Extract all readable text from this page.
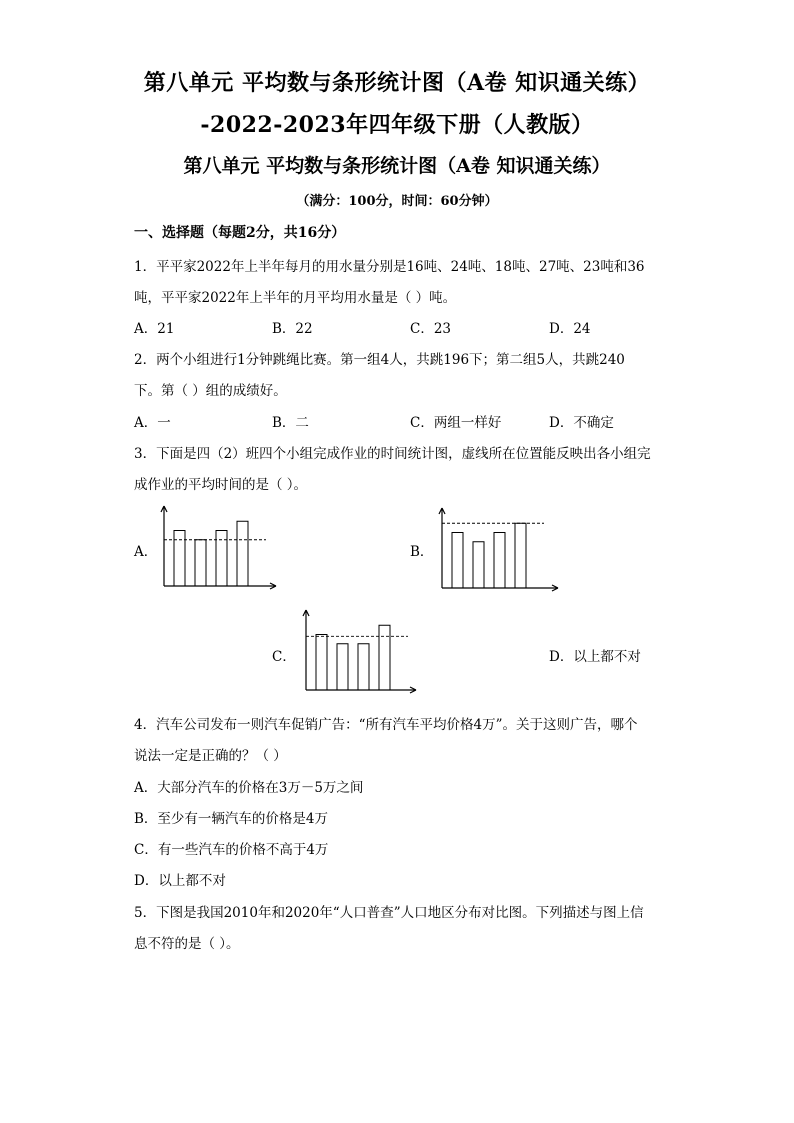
第八单元 平均数与条形统计图（A卷 知识通关练）
-2022-2023年四年级下册（人教版）
第八单元 平均数与条形统计图（A卷 知识通关练）
（满分：100分，时间：60分钟）
一、选择题（每题2分，共16分）
1．平平家2022年上半年每月的用水量分别是16吨、24吨、18吨、27吨、23吨和36
吨，平平家2022年上半年的月平均用水量是（ ）吨。
A．21	B．22	C．23	D．24
2．两个小组进行1分钟跳绳比赛。第一组4人，共跳196下；第二组5人，共跳240
下。第（ ）组的成绩好。
A．一	B．二	C．两组一样好	D．不确定
3．下面是四（2）班四个小组完成作业的时间统计图，虚线所在位置能反映出各小组完
成作业的平均时间的是（ ）。
A．	B．
C．	D．以上都不对
4．汽车公司发布一则汽车促销广告：“所有汽车平均价格4万”。关于这则广告，哪个
说法一定是正确的？（ ）
A．大部分汽车的价格在3万－5万之间
B．至少有一辆汽车的价格是4万
C．有一些汽车的价格不高于4万
D．以上都不对
5．下图是我国2010年和2020年“人口普查”人口地区分布对比图。下列描述与图上信
息不符的是（ ）。
